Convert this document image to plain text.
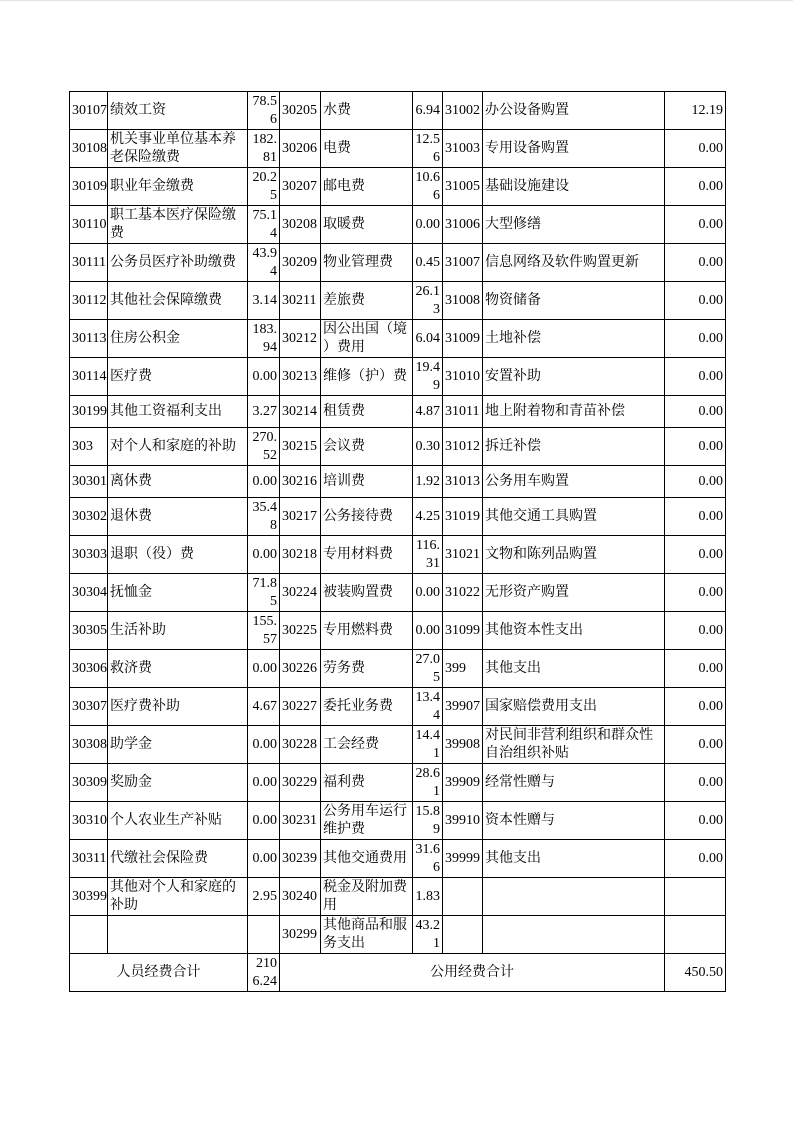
30107	绩效工资	78.56	30205	水费	6.94	31002	办公设备购置	12.19
30108	机关事业单位基本养老保险缴费	182.81	30206	电费	12.56	31003	专用设备购置	0.00
30109	职业年金缴费	20.25	30207	邮电费	10.66	31005	基础设施建设	0.00
30110	职工基本医疗保险缴费	75.14	30208	取暖费	0.00	31006	大型修缮	0.00
30111	公务员医疗补助缴费	43.94	30209	物业管理费	0.45	31007	信息网络及软件购置更新	0.00
30112	其他社会保障缴费	3.14	30211	差旅费	26.13	31008	物资储备	0.00
30113	住房公积金	183.94	30212	因公出国（境）费用	6.04	31009	土地补偿	0.00
30114	医疗费	0.00	30213	维修（护）费	19.49	31010	安置补助	0.00
30199	其他工资福利支出	3.27	30214	租赁费	4.87	31011	地上附着物和青苗补偿	0.00
303	对个人和家庭的补助	270.52	30215	会议费	0.30	31012	拆迁补偿	0.00
30301	离休费	0.00	30216	培训费	1.92	31013	公务用车购置	0.00
30302	退休费	35.48	30217	公务接待费	4.25	31019	其他交通工具购置	0.00
30303	退职（役）费	0.00	30218	专用材料费	116.31	31021	文物和陈列品购置	0.00
30304	抚恤金	71.85	30224	被装购置费	0.00	31022	无形资产购置	0.00
30305	生活补助	155.57	30225	专用燃料费	0.00	31099	其他资本性支出	0.00
30306	救济费	0.00	30226	劳务费	27.05	399	其他支出	0.00
30307	医疗费补助	4.67	30227	委托业务费	13.44	39907	国家赔偿费用支出	0.00
30308	助学金	0.00	30228	工会经费	14.41	39908	对民间非营利组织和群众性自治组织补贴	0.00
30309	奖励金	0.00	30229	福利费	28.61	39909	经常性赠与	0.00
30310	个人农业生产补贴	0.00	30231	公务用车运行维护费	15.89	39910	资本性赠与	0.00
30311	代缴社会保险费	0.00	30239	其他交通费用	31.66	39999	其他支出	0.00
30399	其他对个人和家庭的补助	2.95	30240	税金及附加费用	1.83			
			30299	其他商品和服务支出	43.21			
人员经费合计		2106.24	公用经费合计					450.50
